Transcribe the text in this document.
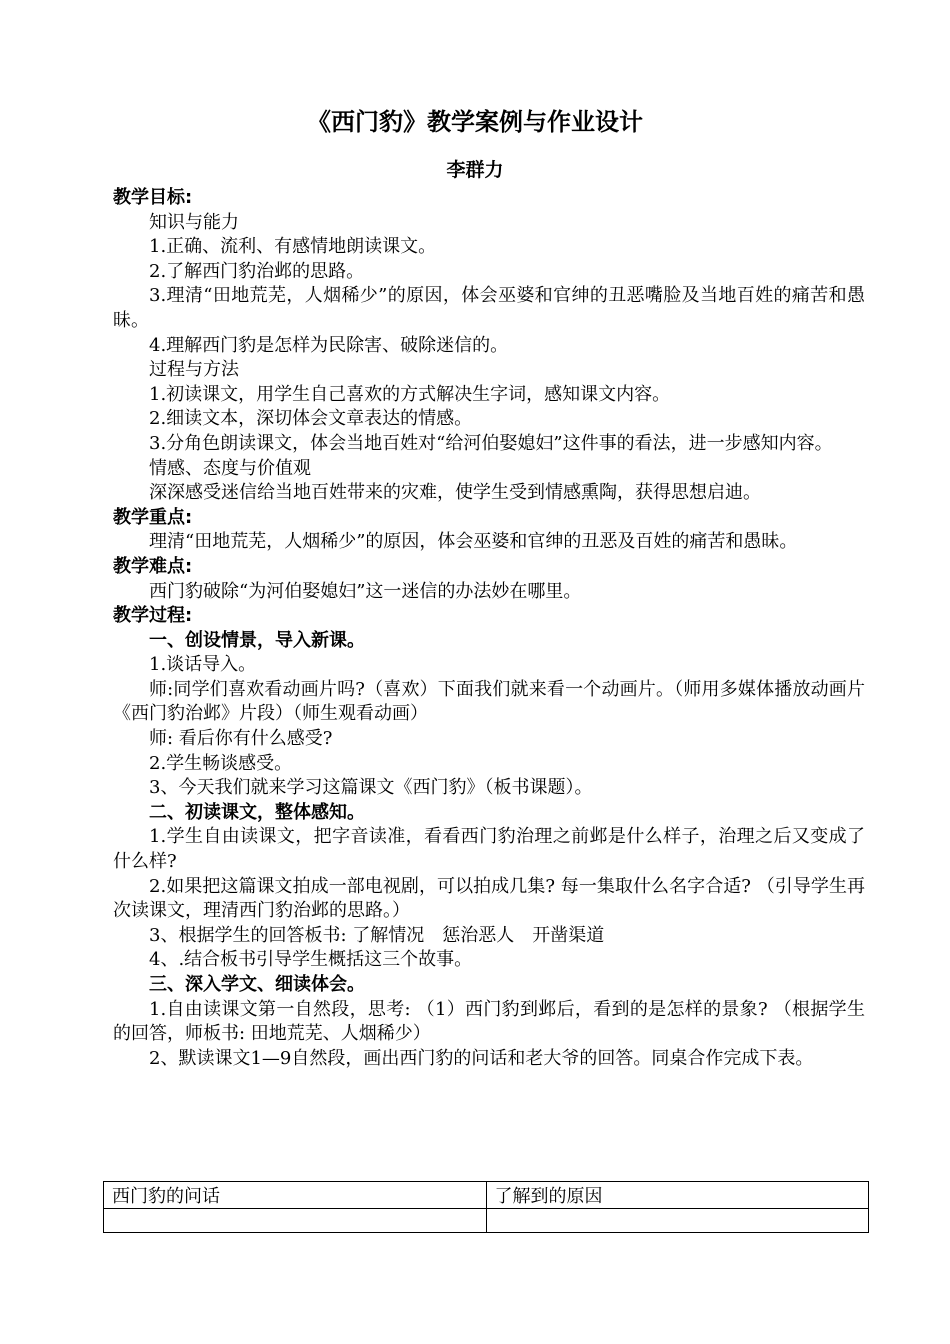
《西门豹》教学案例与作业设计
李群力
教学目标:
知识与能力
1.正确、流利、有感情地朗读课文。
2.了解西门豹治邺的思路。
3.理清“田地荒芜，人烟稀少”的原因，体会巫婆和官绅的丑恶嘴脸及当地百姓的痛苦和愚昧。
4.理解西门豹是怎样为民除害、破除迷信的。
过程与方法
1.初读课文，用学生自己喜欢的方式解决生字词，感知课文内容。
2.细读文本，深切体会文章表达的情感。
3.分角色朗读课文，体会当地百姓对“给河伯娶媳妇”这件事的看法，进一步感知内容。
情感、态度与价值观
深深感受迷信给当地百姓带来的灾难，使学生受到情感熏陶，获得思想启迪。
教学重点:
理清“田地荒芜，人烟稀少”的原因，体会巫婆和官绅的丑恶及百姓的痛苦和愚昧。
教学难点:
西门豹破除“为河伯娶媳妇”这一迷信的办法妙在哪里。
教学过程:
一、创设情景，导入新课。
1.谈话导入。
师:同学们喜欢看动画片吗?（喜欢）下面我们就来看一个动画片。（师用多媒体播放动画片《西门豹治邺》片段）（师生观看动画）
师: 看后你有什么感受?
2.学生畅谈感受。
3、今天我们就来学习这篇课文《西门豹》（板书课题）。
二、初读课文，整体感知。
1.学生自由读课文，把字音读准，看看西门豹治理之前邺是什么样子，治理之后又变成了什么样?
2.如果把这篇课文拍成一部电视剧，可以拍成几集? 每一集取什么名字合适? （引导学生再次读课文，理清西门豹治邺的思路。）
3、根据学生的回答板书: 了解情况　惩治恶人　开凿渠道
4、.结合板书引导学生概括这三个故事。
三、深入学文、细读体会。
1.自由读课文第一自然段，思考: （1）西门豹到邺后，看到的是怎样的景象? （根据学生的回答，师板书: 田地荒芜、人烟稀少）
2、默读课文1—9自然段，画出西门豹的问话和老大爷的回答。同桌合作完成下表。
西门豹的问话	了解到的原因
